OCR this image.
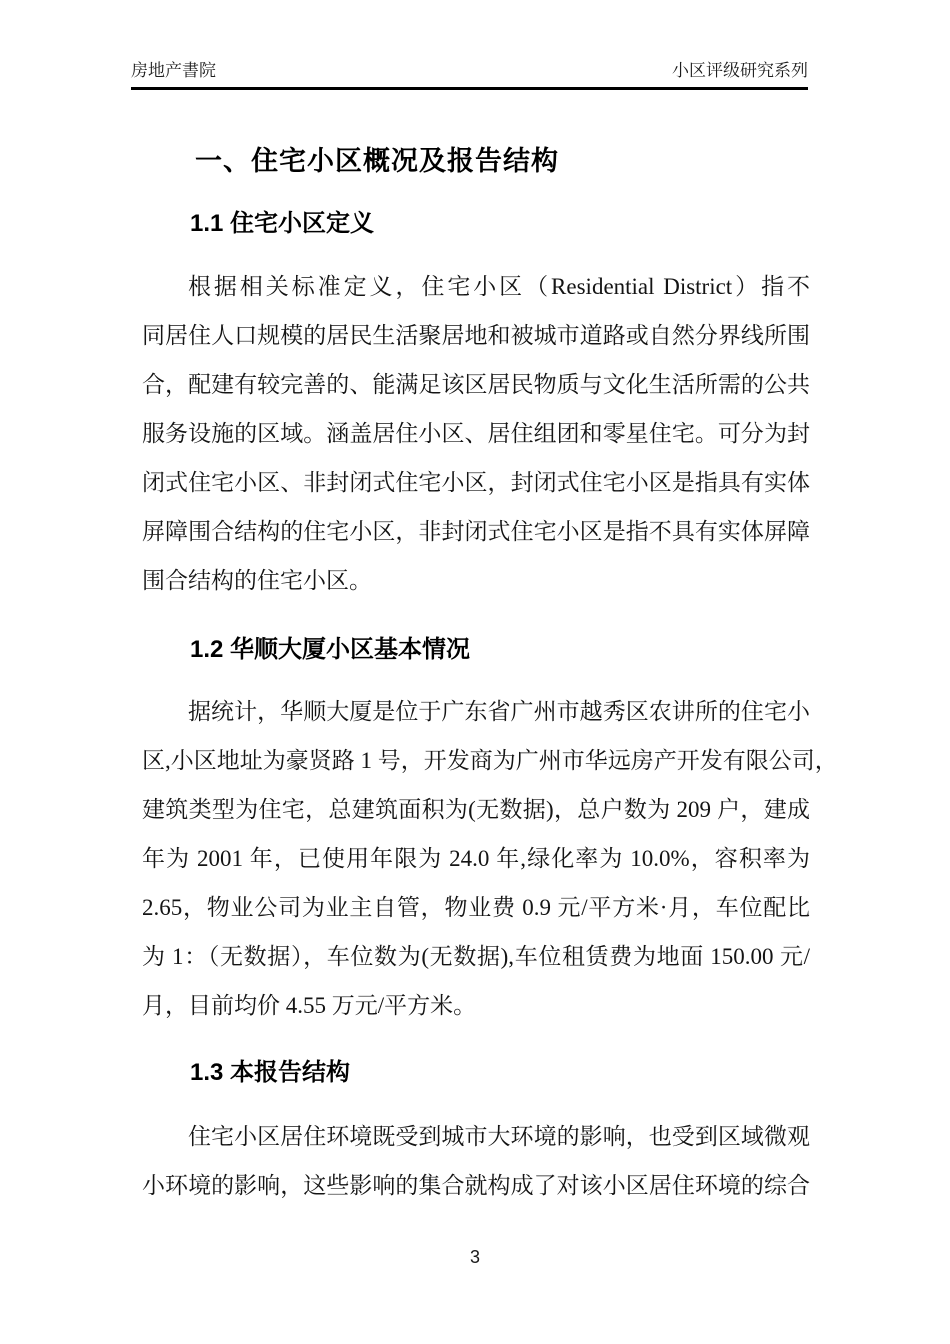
房地产書院	小区评级研究系列
一、住宅小区概况及报告结构
1.1 住宅小区定义
根据相关标准定义，住宅小区（Residential District）指不
同居住人口规模的居民生活聚居地和被城市道路或自然分界线所围
合，配建有较完善的、能满足该区居民物质与文化生活所需的公共
服务设施的区域。涵盖居住小区、居住组团和零星住宅。可分为封
闭式住宅小区、非封闭式住宅小区，封闭式住宅小区是指具有实体
屏障围合结构的住宅小区，非封闭式住宅小区是指不具有实体屏障
围合结构的住宅小区。
1.2 华顺大厦小区基本情况
据统计，华顺大厦是位于广东省广州市越秀区农讲所的住宅小
区,小区地址为豪贤路 1 号，开发商为广州市华远房产开发有限公司，
建筑类型为住宅，总建筑面积为(无数据)，总户数为 209 户，建成
年为 2001 年，已使用年限为 24.0 年,绿化率为 10.0%，容积率为
2.65，物业公司为业主自管，物业费 0.9 元/平方米·月，车位配比
为 1：（无数据），车位数为(无数据),车位租赁费为地面 150.00 元/
月，目前均价 4.55 万元/平方米。
1.3 本报告结构
住宅小区居住环境既受到城市大环境的影响，也受到区域微观
小环境的影响，这些影响的集合就构成了对该小区居住环境的综合
3
